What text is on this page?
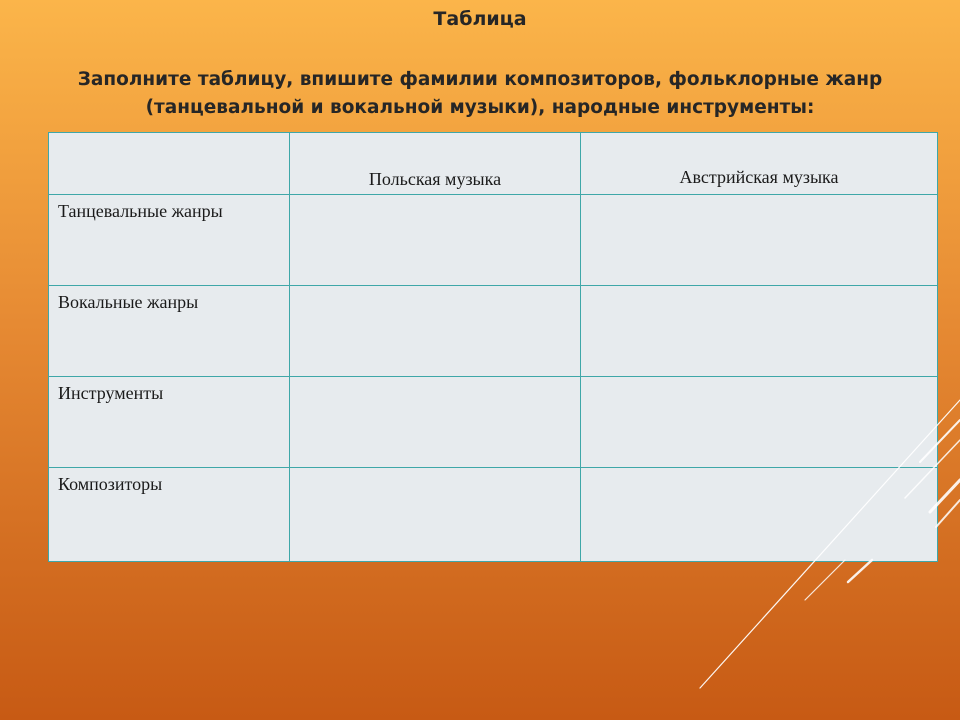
Таблица
Заполните таблицу, впишите фамилии композиторов, фольклорные жанр
(танцевальной и вокальной музыки), народные инструменты:

	Польская музыка	Австрийская музыка

Танцевальные жанры		

Вокальные жанры		

Инструменты		

Композиторы		
